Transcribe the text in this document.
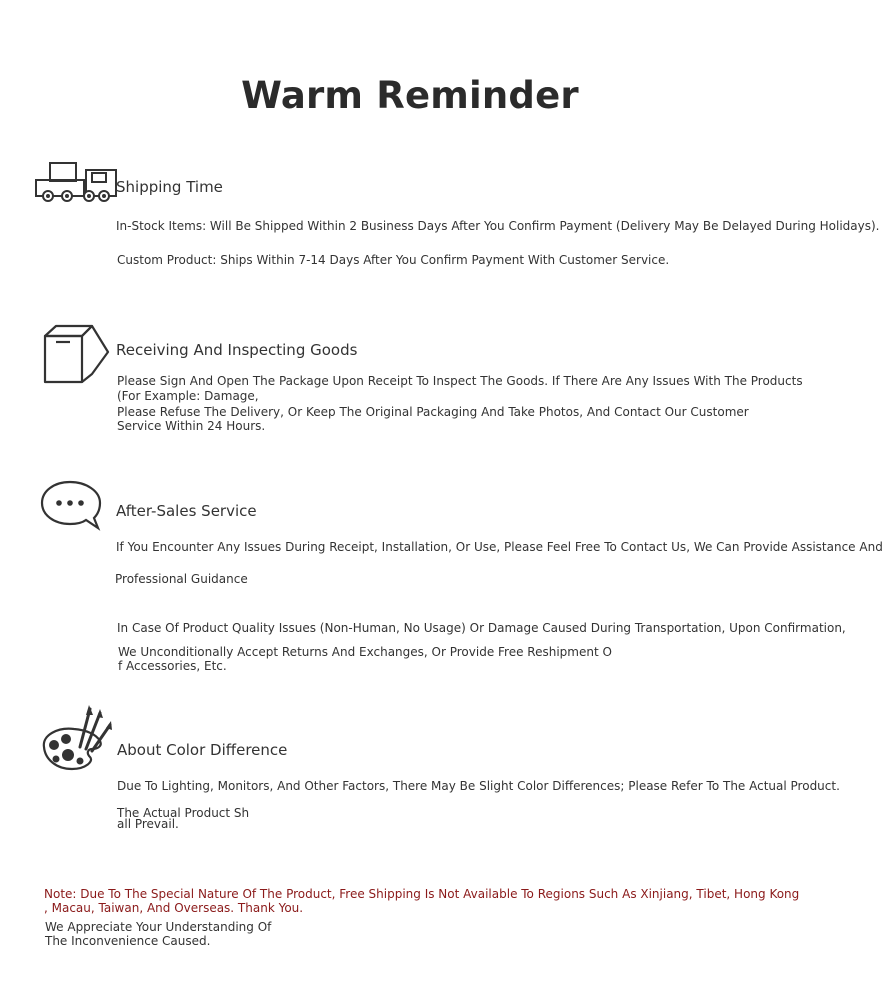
Warm Reminder
Shipping Time
In-Stock Items: Will Be Shipped Within 2 Business Days After You Confirm Payment (Delivery May Be Delayed During Holidays).
Custom Product: Ships Within 7-14 Days After You Confirm Payment With Customer Service.
Receiving And Inspecting Goods
Please Sign And Open The Package Upon Receipt To Inspect The Goods. If There Are Any Issues With The Products
(For Example: Damage,
Please Refuse The Delivery, Or Keep The Original Packaging And Take Photos, And Contact Our Customer
Service Within 24 Hours.
After-Sales Service
If You Encounter Any Issues During Receipt, Installation, Or Use, Please Feel Free To Contact Us, We Can Provide Assistance And
Professional Guidance
In Case Of Product Quality Issues (Non-Human, No Usage) Or Damage Caused During Transportation, Upon Confirmation,
We Unconditionally Accept Returns And Exchanges, Or Provide Free Reshipment O
f Accessories, Etc.
About Color Difference
Due To Lighting, Monitors, And Other Factors, There May Be Slight Color Differences; Please Refer To The Actual Product.
The Actual Product Sh
all Prevail.
Note: Due To The Special Nature Of The Product, Free Shipping Is Not Available To Regions Such As Xinjiang, Tibet, Hong Kong
, Macau, Taiwan, And Overseas. Thank You.
We Appreciate Your Understanding Of
The Inconvenience Caused.
